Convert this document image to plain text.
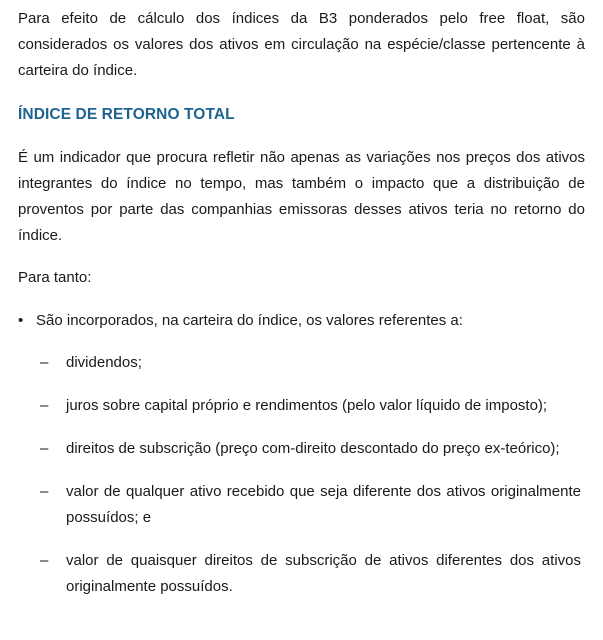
Para efeito de cálculo dos índices da B3 ponderados pelo free float, são considerados os valores dos ativos em circulação na espécie/classe pertencente à carteira do índice.

ÍNDICE DE RETORNO TOTAL

É um indicador que procura refletir não apenas as variações nos preços dos ativos integrantes do índice no tempo, mas também o impacto que a distribuição de proventos por parte das companhias emissoras desses ativos teria no retorno do índice.

Para tanto:

• São incorporados, na carteira do índice, os valores referentes a:
–	dividendos;
–	juros sobre capital próprio e rendimentos (pelo valor líquido de imposto);
–	direitos de subscrição (preço com-direito descontado do preço ex-teórico);
–	valor de qualquer ativo recebido que seja diferente dos ativos originalmente possuídos; e
–	valor de quaisquer direitos de subscrição de ativos diferentes dos ativos originalmente possuídos.
